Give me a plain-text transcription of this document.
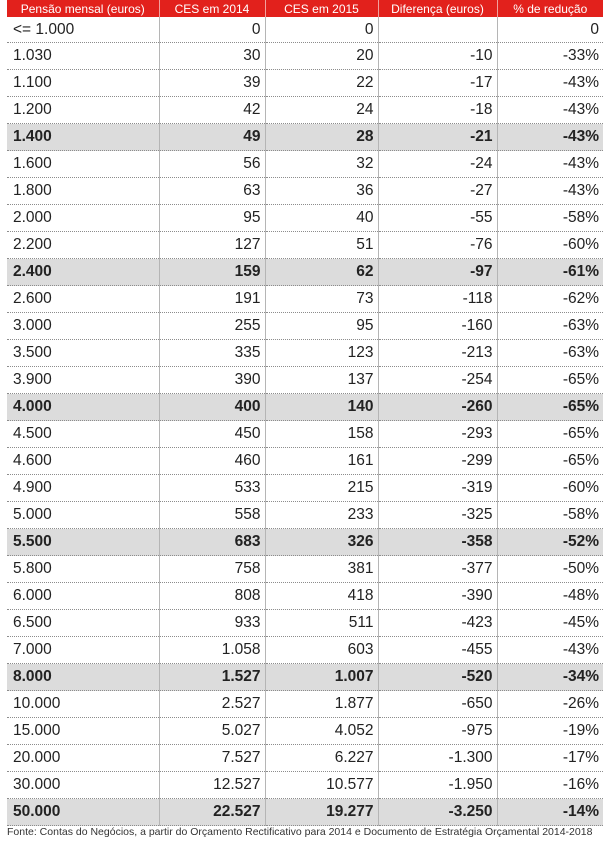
Pensão mensal (euros)	CES em 2014	CES em 2015	Diferença (euros)	% de redução
<= 1.000	0	0		0
1.030	30	20	-10	-33%
1.100	39	22	-17	-43%
1.200	42	24	-18	-43%
1.400	49	28	-21	-43%
1.600	56	32	-24	-43%
1.800	63	36	-27	-43%
2.000	95	40	-55	-58%
2.200	127	51	-76	-60%
2.400	159	62	-97	-61%
2.600	191	73	-118	-62%
3.000	255	95	-160	-63%
3.500	335	123	-213	-63%
3.900	390	137	-254	-65%
4.000	400	140	-260	-65%
4.500	450	158	-293	-65%
4.600	460	161	-299	-65%
4.900	533	215	-319	-60%
5.000	558	233	-325	-58%
5.500	683	326	-358	-52%
5.800	758	381	-377	-50%
6.000	808	418	-390	-48%
6.500	933	511	-423	-45%
7.000	1.058	603	-455	-43%
8.000	1.527	1.007	-520	-34%
10.000	2.527	1.877	-650	-26%
15.000	5.027	4.052	-975	-19%
20.000	7.527	6.227	-1.300	-17%
30.000	12.527	10.577	-1.950	-16%
50.000	22.527	19.277	-3.250	-14%
Fonte: Contas do Negócios, a partir do Orçamento Rectificativo para 2014 e Documento de Estratégia Orçamental 2014-2018
